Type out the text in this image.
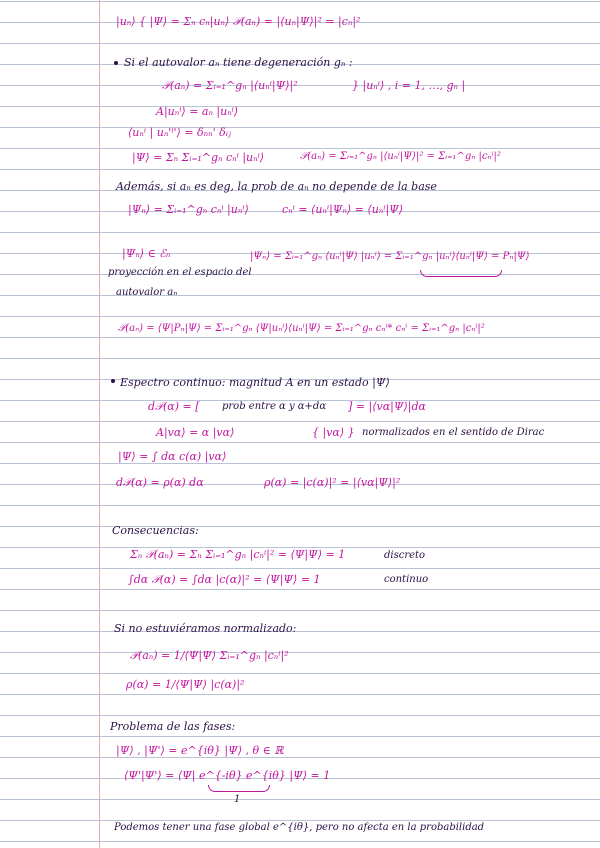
|uₙ⟩ { |Ψ⟩ = Σₙ cₙ|uₙ⟩ 𝒫(aₙ) = |⟨uₙ|Ψ⟩|² = |cₙ|²
Si el autovalor aₙ tiene degeneración gₙ :
𝒫(aₙ) = Σᵢ₌₁^gₙ |⟨uₙⁱ|Ψ⟩|²	} |uₙⁱ⟩ , i = 1, …, gₙ |
A|uₙⁱ⟩ = aₙ |uₙⁱ⟩
⟨uₙⁱ | uₙ'ⁱ'⟩ = δₙₙ' δᵢⱼ
|Ψ⟩ = Σₙ Σᵢ₌₁^gₙ cₙⁱ |uₙⁱ⟩	𝒫(aₙ) = Σᵢ₌₁^gₙ |⟨uₙⁱ|Ψ⟩|² = Σᵢ₌₁^gₙ |cₙⁱ|²
Además, si aₙ es deg, la prob de aₙ no depende de la base
|Ψₙ⟩ = Σᵢ₌₁^gₙ cₙⁱ |uₙⁱ⟩	cₙⁱ = ⟨uₙⁱ|Ψₙ⟩ = ⟨uₙⁱ|Ψ⟩
|Ψₙ⟩ ∈ ℰₙ	|Ψₙ⟩ = Σᵢ₌₁^gₙ ⟨uₙⁱ|Ψ⟩ |uₙⁱ⟩ = Σᵢ₌₁^gₙ |uₙⁱ⟩⟨uₙⁱ|Ψ⟩ = Pₙ|Ψ⟩
proyección en el espacio del
autovalor aₙ
𝒫(aₙ) = ⟨Ψ|Pₙ|Ψ⟩ = Σᵢ₌₁^gₙ ⟨Ψ|uₙⁱ⟩⟨uₙⁱ|Ψ⟩ = Σᵢ₌₁^gₙ cₙⁱ* cₙⁱ = Σᵢ₌₁^gₙ |cₙⁱ|²
Espectro continuo: magnitud A en un estado |Ψ⟩
d𝒫(α) = [ prob entre α y α+dα ] = |⟨vα|Ψ⟩|dα
A|vα⟩ = α |vα⟩	{ |vα⟩ } normalizados en el sentido de Dirac
|Ψ⟩ = ∫ dα c(α) |vα⟩
d𝒫(α) = ρ(α) dα	ρ(α) = |c(α)|² = |⟨vα|Ψ⟩|²
Consecuencias:
Σₙ 𝒫(aₙ) = Σₙ Σᵢ₌₁^gₙ |cₙⁱ|² = ⟨Ψ|Ψ⟩ = 1	discreto
∫dα 𝒫(α) = ∫dα |c(α)|² = ⟨Ψ|Ψ⟩ = 1	continuo
Si no estuviéramos normalizado:
𝒫(aₙ) = 1/⟨Ψ|Ψ⟩ Σᵢ₌₁^gₙ |cₙⁱ|²
ρ(α) = 1/⟨Ψ|Ψ⟩ |c(α)|²
Problema de las fases:
|Ψ⟩ , |Ψ'⟩ = e^{iθ} |Ψ⟩ , θ ∈ ℝ
⟨Ψ'|Ψ'⟩ = ⟨Ψ| e^{-iθ} e^{iθ} |Ψ⟩ = 1
1
Podemos tener una fase global e^{iθ}, pero no afecta en la probabilidad
